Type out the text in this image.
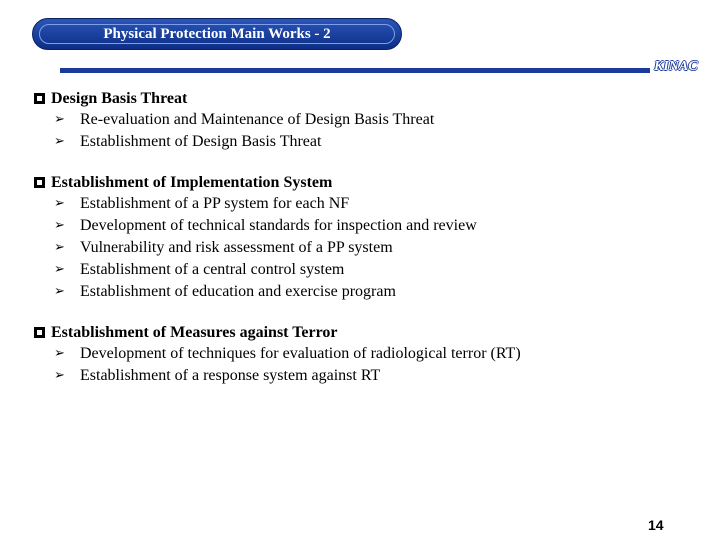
Physical Protection Main Works - 2
KINAC
Design Basis Threat
➢ Re-evaluation and Maintenance of Design Basis Threat
➢ Establishment of Design Basis Threat
Establishment of Implementation System
➢ Establishment of a PP system for each NF
➢ Development of technical standards for inspection and review
➢ Vulnerability and risk assessment of a PP system
➢ Establishment of a central control system
➢ Establishment of education and exercise program
Establishment of Measures against Terror
➢ Development of techniques for evaluation of radiological terror (RT)
➢ Establishment of a response system against RT
14
